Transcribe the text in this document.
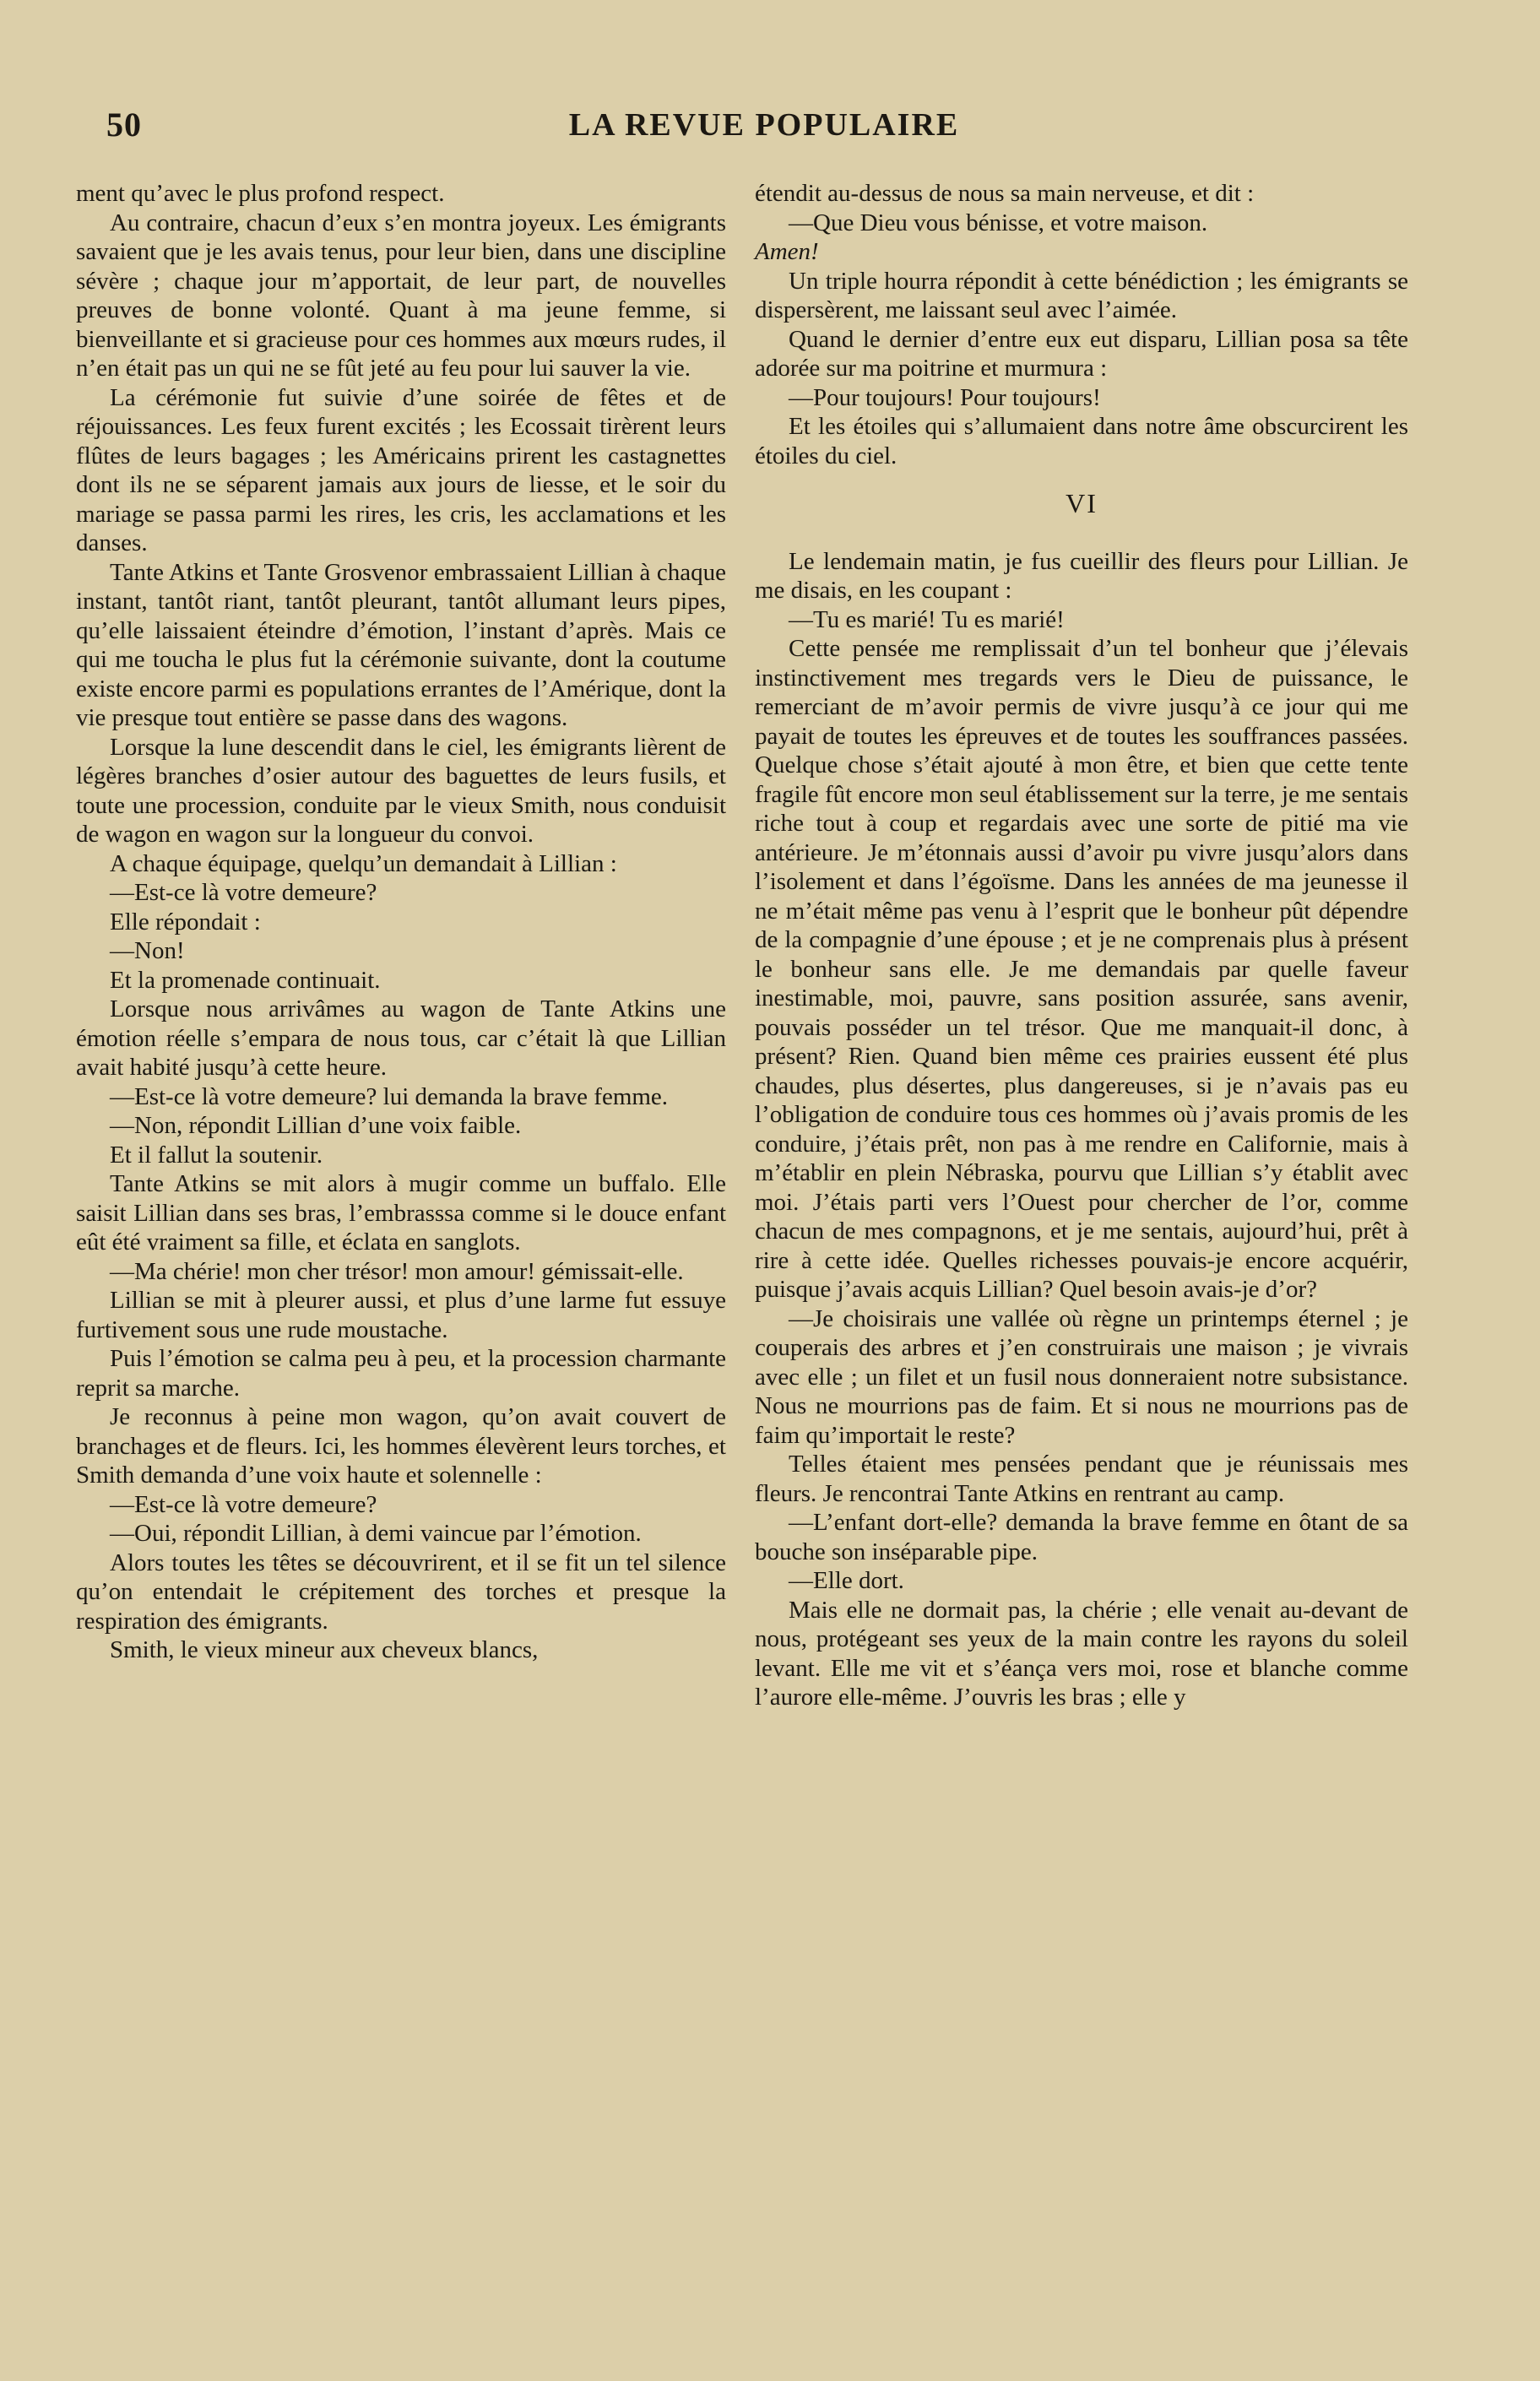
50	LA REVUE POPULAIRE

ment qu’avec le plus profond respect.

Au contraire, chacun d’eux s’en montra joyeux. Les émigrants savaient que je les avais tenus, pour leur bien, dans une discipline sévère ; chaque jour m’apportait, de leur part, de nouvelles preuves de bonne volonté. Quant à ma jeune femme, si bienveillante et si gracieuse pour ces hommes aux mœurs rudes, il n’en était pas un qui ne se fût jeté au feu pour lui sauver la vie.

La cérémonie fut suivie d’une soirée de fêtes et de réjouissances. Les feux furent excités ; les Ecossait tirèrent leurs flûtes de leurs bagages ; les Américains prirent les castagnettes dont ils ne se séparent jamais aux jours de liesse, et le soir du mariage se passa parmi les rires, les cris, les acclamations et les danses.

Tante Atkins et Tante Grosvenor embrassaient Lillian à chaque instant, tantôt riant, tantôt pleurant, tantôt allumant leurs pipes, qu’elle laissaient éteindre d’émotion, l’instant d’après. Mais ce qui me toucha le plus fut la cérémonie suivante, dont la coutume existe encore parmi es populations errantes de l’Amérique, dont la vie presque tout entière se passe dans des wagons.

Lorsque la lune descendit dans le ciel, les émigrants lièrent de légères branches d’osier autour des baguettes de leurs fusils, et toute une procession, conduite par le vieux Smith, nous conduisit de wagon en wagon sur la longueur du convoi.

A chaque équipage, quelqu’un demandait à Lillian :

—Est-ce là votre demeure?

Elle répondait :

—Non!

Et la promenade continuait.

Lorsque nous arrivâmes au wagon de Tante Atkins une émotion réelle s’empara de nous tous, car c’était là que Lillian avait habité jusqu’à cette heure.

—Est-ce là votre demeure? lui demanda la brave femme.

—Non, répondit Lillian d’une voix faible.

Et il fallut la soutenir.

Tante Atkins se mit alors à mugir comme un buffalo. Elle saisit Lillian dans ses bras, l’embrasssa comme si le douce enfant eût été vraiment sa fille, et éclata en sanglots.

—Ma chérie! mon cher trésor! mon amour! gémissait-elle.

Lillian se mit à pleurer aussi, et plus d’une larme fut essuye furtivement sous une rude moustache.

Puis l’émotion se calma peu à peu, et la procession charmante reprit sa marche.

Je reconnus à peine mon wagon, qu’on avait couvert de branchages et de fleurs. Ici, les hommes élevèrent leurs torches, et Smith demanda d’une voix haute et solennelle :

—Est-ce là votre demeure?

—Oui, répondit Lillian, à demi vaincue par l’émotion.

Alors toutes les têtes se découvrirent, et il se fit un tel silence qu’on entendait le crépitement des torches et presque la respiration des émigrants.

Smith, le vieux mineur aux cheveux blancs,

étendit au-dessus de nous sa main nerveuse, et dit :

—Que Dieu vous bénisse, et votre maison.

Amen!

Un triple hourra répondit à cette bénédiction ; les émigrants se dispersèrent, me laissant seul avec l’aimée.

Quand le dernier d’entre eux eut disparu, Lillian posa sa tête adorée sur ma poitrine et murmura :

—Pour toujours! Pour toujours!

Et les étoiles qui s’allumaient dans notre âme obscurcirent les étoiles du ciel.

VI

Le lendemain matin, je fus cueillir des fleurs pour Lillian. Je me disais, en les coupant :

—Tu es marié! Tu es marié!

Cette pensée me remplissait d’un tel bonheur que j’élevais instinctivement mes tregards vers le Dieu de puissance, le remerciant de m’avoir permis de vivre jusqu’à ce jour qui me payait de toutes les épreuves et de toutes les souffrances passées. Quelque chose s’était ajouté à mon être, et bien que cette tente fragile fût encore mon seul établissement sur la terre, je me sentais riche tout à coup et regardais avec une sorte de pitié ma vie antérieure. Je m’étonnais aussi d’avoir pu vivre jusqu’alors dans l’isolement et dans l’égoïsme. Dans les années de ma jeunesse il ne m’était même pas venu à l’esprit que le bonheur pût dépendre de la compagnie d’une épouse ; et je ne comprenais plus à présent le bonheur sans elle. Je me demandais par quelle faveur inestimable, moi, pauvre, sans position assurée, sans avenir, pouvais posséder un tel trésor. Que me manquait-il donc, à présent? Rien. Quand bien même ces prairies eussent été plus chaudes, plus désertes, plus dangereuses, si je n’avais pas eu l’obligation de conduire tous ces hommes où j’avais promis de les conduire, j’étais prêt, non pas à me rendre en Californie, mais à m’établir en plein Nébraska, pourvu que Lillian s’y établit avec moi. J’étais parti vers l’Ouest pour chercher de l’or, comme chacun de mes compagnons, et je me sentais, aujourd’hui, prêt à rire à cette idée. Quelles richesses pouvais-je encore acquérir, puisque j’avais acquis Lillian? Quel besoin avais-je d’or?

—Je choisirais une vallée où règne un printemps éternel ; je couperais des arbres et j’en construirais une maison ; je vivrais avec elle ; un filet et un fusil nous donneraient notre subsistance. Nous ne mourrions pas de faim. Et si nous ne mourrions pas de faim qu’importait le reste?

Telles étaient mes pensées pendant que je réunissais mes fleurs. Je rencontrai Tante Atkins en rentrant au camp.

—L’enfant dort-elle? demanda la brave femme en ôtant de sa bouche son inséparable pipe.

—Elle dort.

Mais elle ne dormait pas, la chérie ; elle venait au-devant de nous, protégeant ses yeux de la main contre les rayons du soleil levant. Elle me vit et s’éança vers moi, rose et blanche comme l’aurore elle-même. J’ouvris les bras ; elle y
